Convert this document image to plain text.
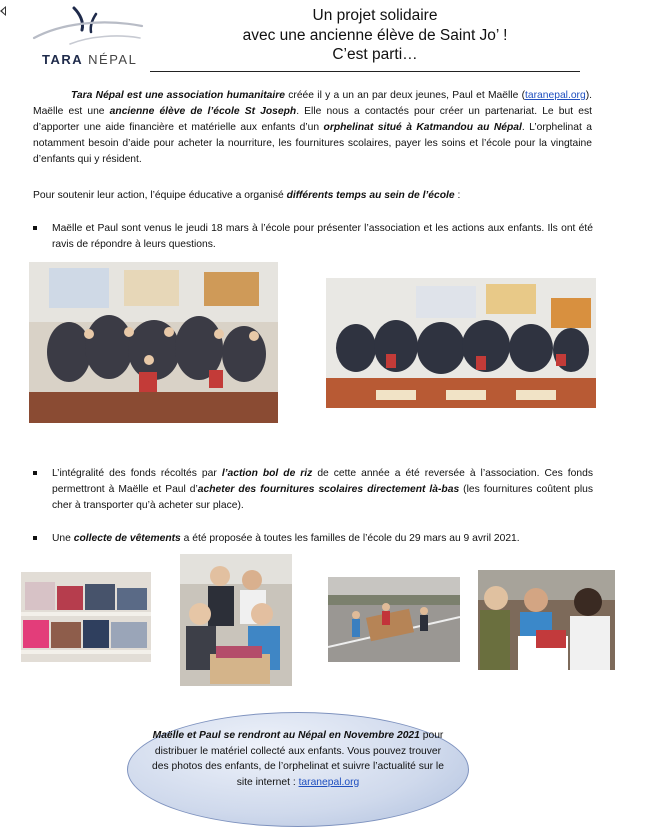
TARA NÉPAL
Un projet solidaire
avec une ancienne élève de Saint Jo’ !
C’est parti…
Tara Népal est une association humanitaire créée il y a un an par deux jeunes, Paul et Maëlle (taranepal.org). Maëlle est une ancienne élève de l’école St Joseph. Elle nous a contactés pour créer un partenariat. Le but est d’apporter une aide financière et matérielle aux enfants d’un orphelinat situé à Katmandou au Népal. L’orphelinat a notamment besoin d’aide pour acheter la nourriture, les fournitures scolaires, payer les soins et l’école pour la vingtaine d’enfants qui y résident.
Pour soutenir leur action, l’équipe éducative a organisé différents temps au sein de l’école :
Maëlle et Paul sont venus le jeudi 18 mars à l’école pour présenter l’association et les actions aux enfants. Ils ont été ravis de répondre à leurs questions.
L’intégralité des fonds récoltés par l’action bol de riz de cette année a été reversée à l’association. Ces fonds permettront à Maëlle et Paul d’acheter des fournitures scolaires directement là-bas (les fournitures coûtent plus cher à transporter qu’à acheter sur place).
Une collecte de vêtements a été proposée à toutes les familles de l’école du 29 mars au 9 avril 2021.
Maëlle et Paul se rendront au Népal en Novembre 2021 pour distribuer le matériel collecté aux enfants. Vous pouvez trouver des photos des enfants, de l’orphelinat et suivre l’actualité sur le site internet : taranepal.org
